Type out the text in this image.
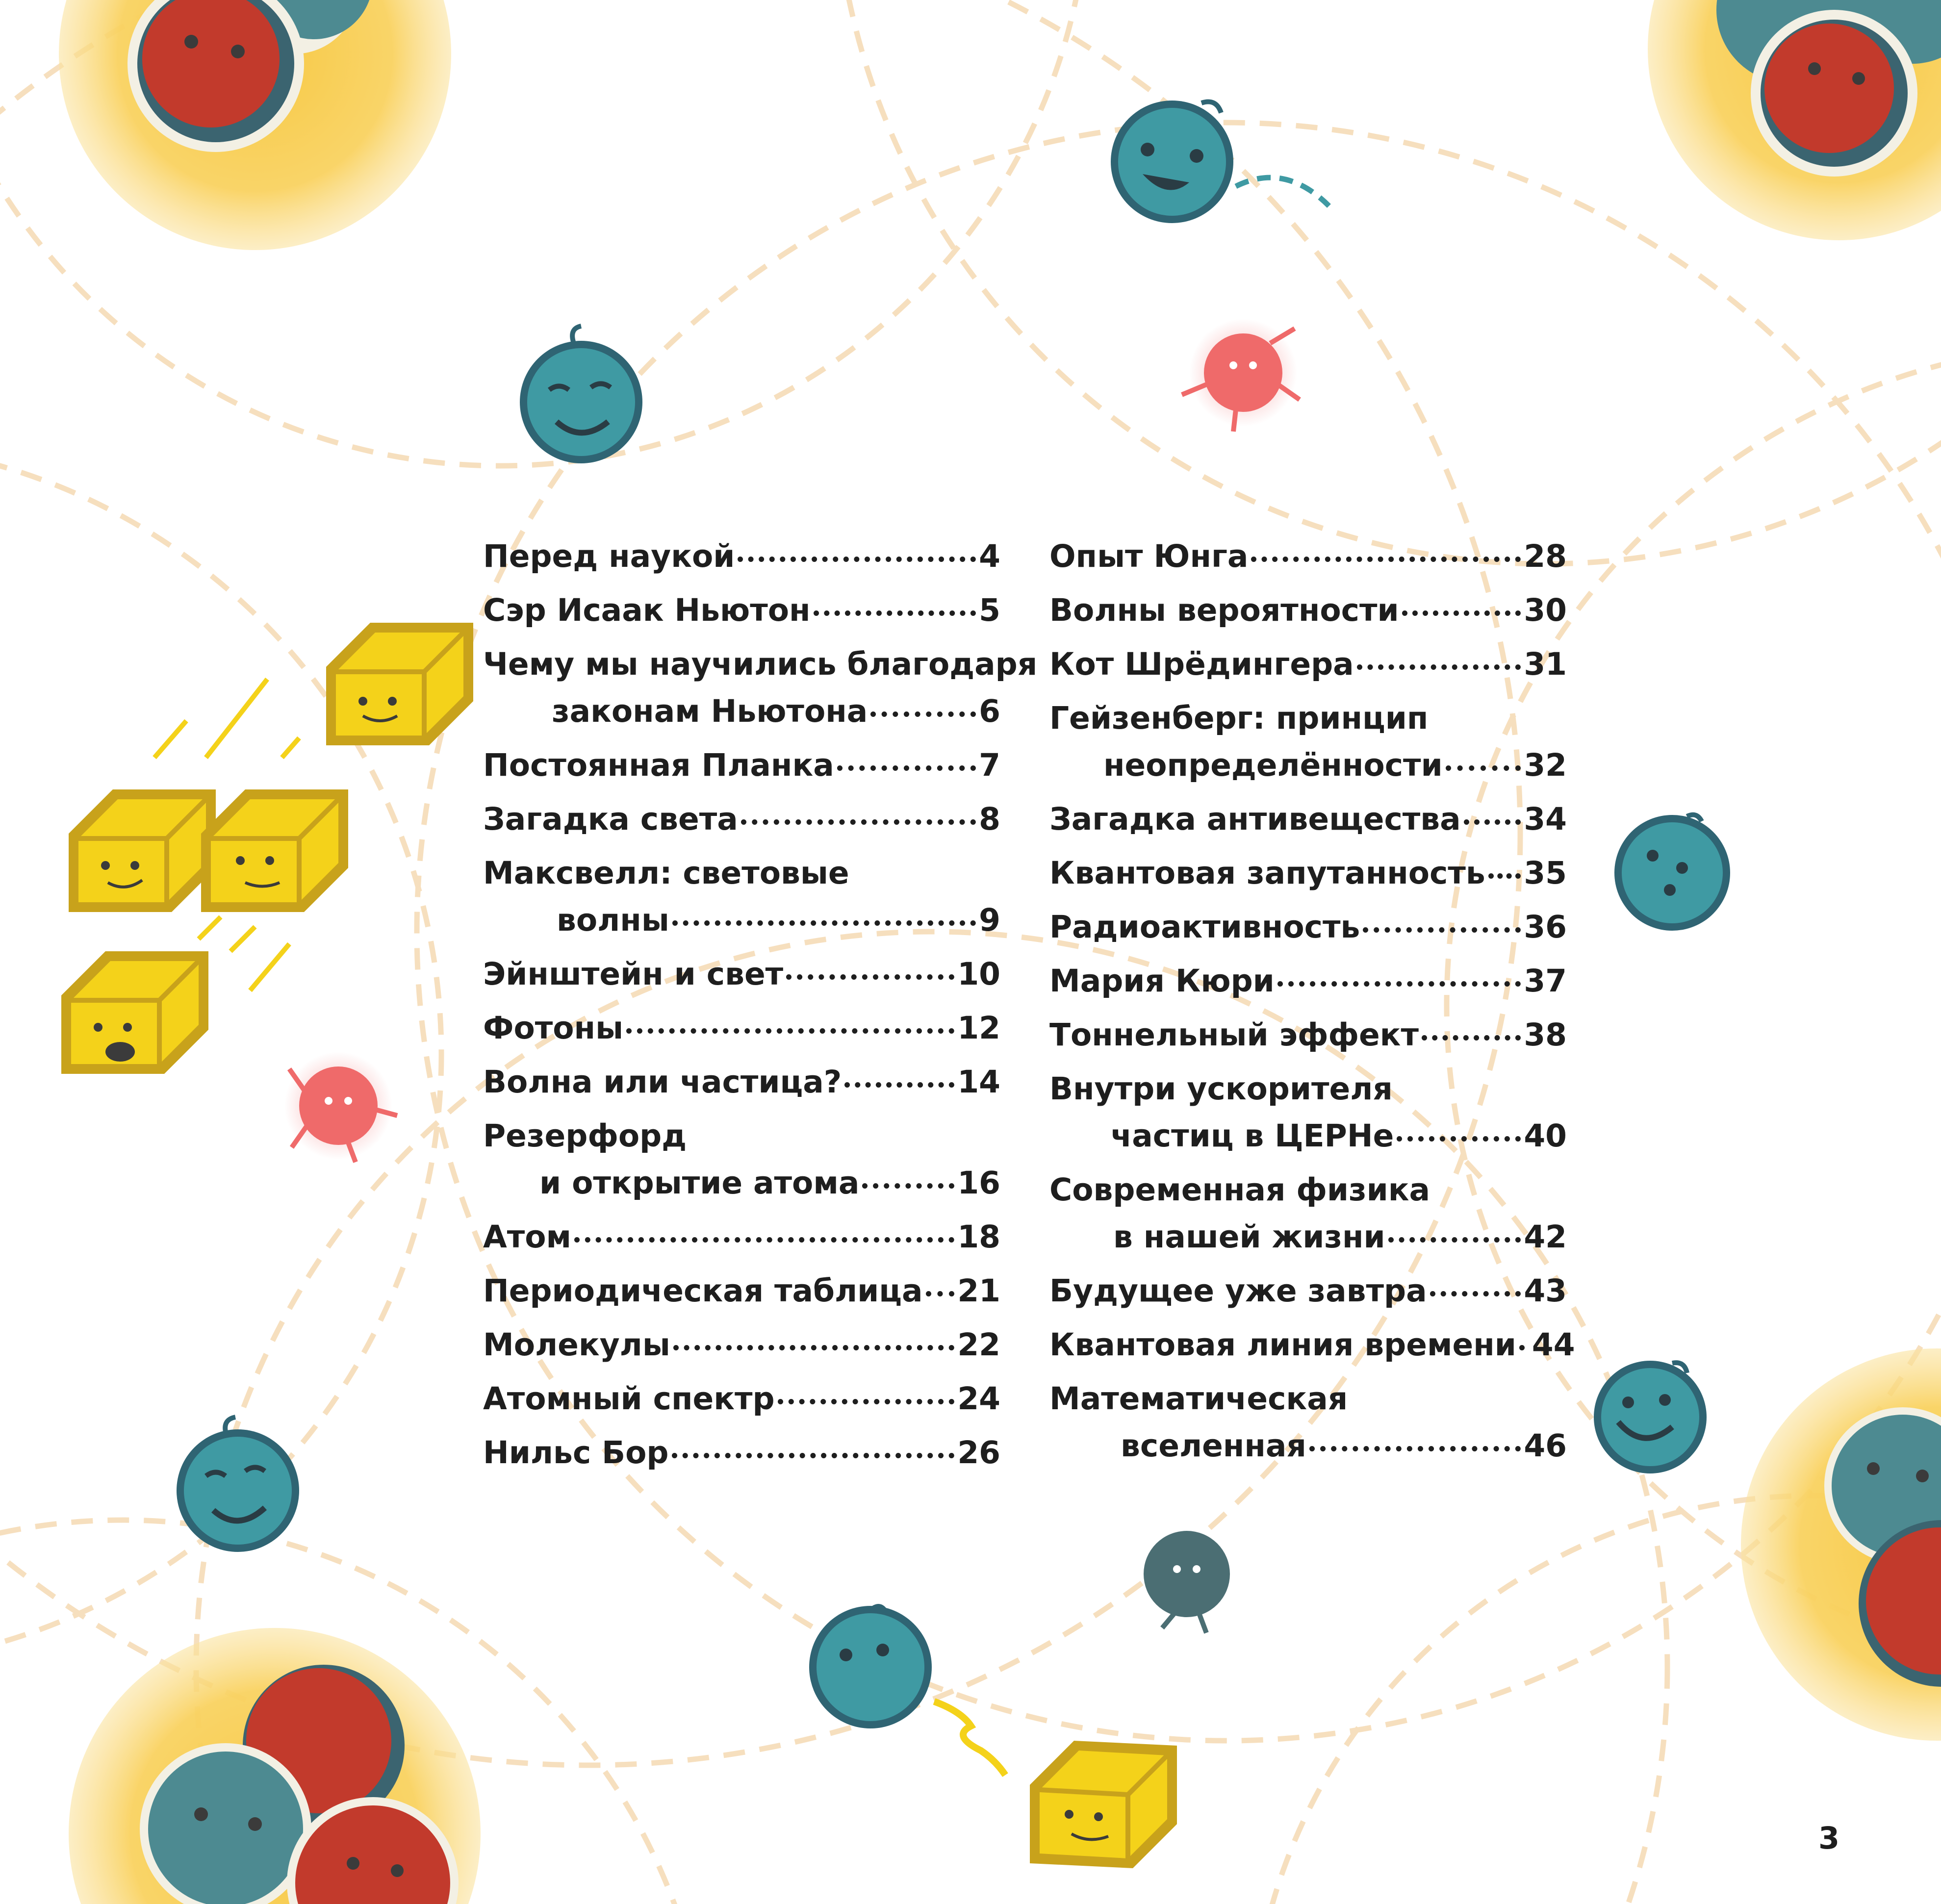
Перед наукой	4
Сэр Исаак Ньютон	5
Чему мы научились благодаря
законам Ньютона	6
Постоянная Планка	7
Загадка света	8
Максвелл: световые
волны	9
Эйнштейн и свет	10
Фотоны	12
Волна или частица?	14
Резерфорд
и открытие атома	16
Атом	18
Периодическая таблица 21
Молекулы	22
Атомный спектр	24
Нильс Бор	26
Опыт Юнга	28
Волны вероятности	30
Кот Шрёдингера	31
Гейзенберг: принцип
неопределённости	32
Загадка антивещества 34
Квантовая запутанность 35
Радиоактивность	36
Мария Кюри	37
Тоннельный эффект	38
Внутри ускорителя
частиц в ЦЕРНе	40
Современная физика
в нашей жизни	42
Будущее уже завтра	43
Квантовая линия времени 44
Математическая
вселенная	46
3
